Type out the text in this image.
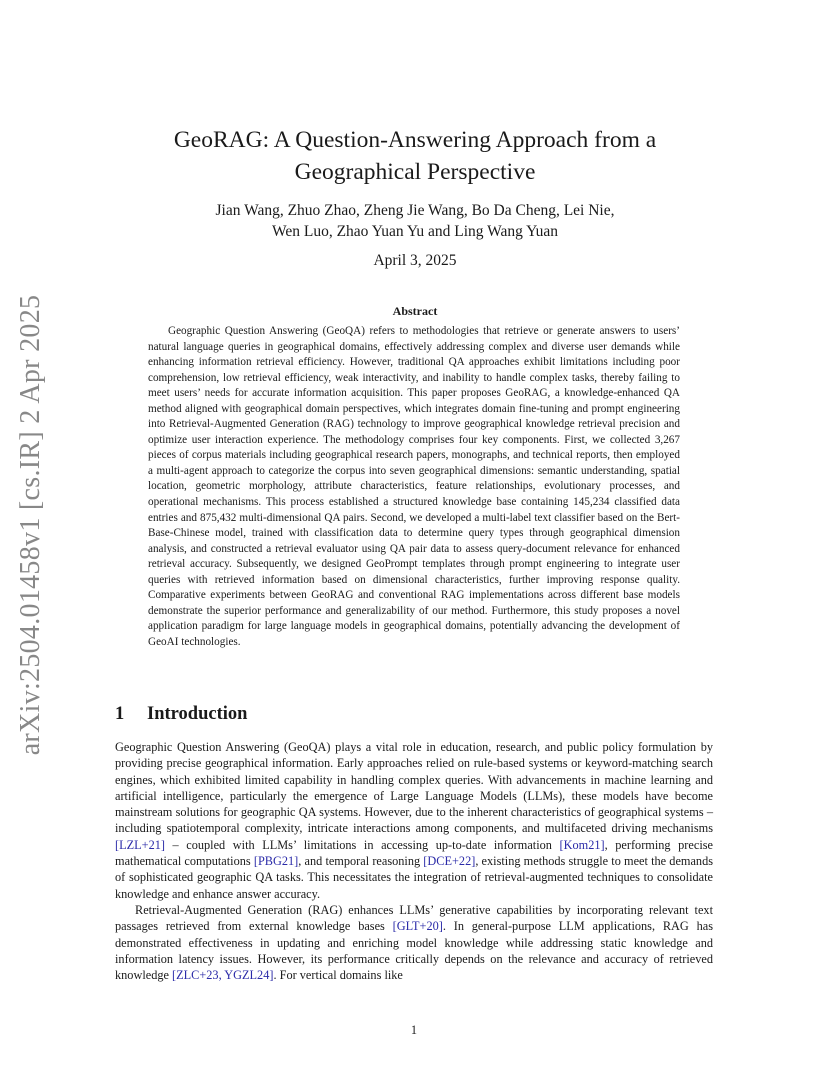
arXiv:2504.01458v1 [cs.IR] 2 Apr 2025
GeoRAG: A Question-Answering Approach from a
Geographical Perspective
Jian Wang, Zhuo Zhao, Zheng Jie Wang, Bo Da Cheng, Lei Nie,
Wen Luo, Zhao Yuan Yu and Ling Wang Yuan
April 3, 2025
Abstract
Geographic Question Answering (GeoQA) refers to methodologies that retrieve or generate answers to users’ natural language queries in geographical domains, effectively addressing complex and diverse user demands while enhancing information retrieval efficiency. However, traditional QA approaches exhibit limitations including poor comprehension, low retrieval efficiency, weak interactivity, and inability to handle complex tasks, thereby failing to meet users’ needs for accurate information acquisition. This paper proposes GeoRAG, a knowledge-enhanced QA method aligned with geographical domain perspectives, which integrates domain fine-tuning and prompt engineering into Retrieval-Augmented Generation (RAG) technology to improve geographical knowledge retrieval precision and optimize user interaction experience. The methodology comprises four key components. First, we collected 3,267 pieces of corpus materials including geographical research papers, monographs, and technical reports, then employed a multi-agent approach to categorize the corpus into seven geographical dimensions: semantic understanding, spatial location, geometric morphology, attribute characteristics, feature relationships, evolutionary processes, and operational mechanisms. This process established a structured knowledge base containing 145,234 classified data entries and 875,432 multi-dimensional QA pairs. Second, we developed a multi-label text classifier based on the Bert-Base-Chinese model, trained with classification data to determine query types through geographical dimension analysis, and constructed a retrieval evaluator using QA pair data to assess query-document relevance for enhanced retrieval accuracy. Subsequently, we designed GeoPrompt templates through prompt engineering to integrate user queries with retrieved information based on dimensional characteristics, further improving response quality. Comparative experiments between GeoRAG and conventional RAG implementations across different base models demonstrate the superior performance and generalizability of our method. Furthermore, this study proposes a novel application paradigm for large language models in geographical domains, potentially advancing the development of GeoAI technologies.
1 Introduction

Geographic Question Answering (GeoQA) plays a vital role in education, research, and public policy formulation by providing precise geographical information. Early approaches relied on rule-based systems or keyword-matching search engines, which exhibited limited capability in handling complex queries. With advancements in machine learning and artificial intelligence, particularly the emergence of Large Language Models (LLMs), these models have become mainstream solutions for geographic QA systems. However, due to the inherent characteristics of geographical systems – including spatiotemporal complexity, intricate interactions among components, and multifaceted driving mechanisms [LZL+21] – coupled with LLMs’ limitations in accessing up-to-date information [Kom21], performing precise mathematical computations [PBG21], and temporal reasoning [DCE+22], existing methods struggle to meet the demands of sophisticated geographic QA tasks. This necessitates the integration of retrieval-augmented techniques to consolidate knowledge and enhance answer accuracy.

Retrieval-Augmented Generation (RAG) enhances LLMs’ generative capabilities by incorporating relevant text passages retrieved from external knowledge bases [GLT+20]. In general-purpose LLM applications, RAG has demonstrated effectiveness in updating and enriching model knowledge while addressing static knowledge and information latency issues. However, its performance critically depends on the relevance and accuracy of retrieved knowledge [ZLC+23, YGZL24]. For vertical domains like

1
